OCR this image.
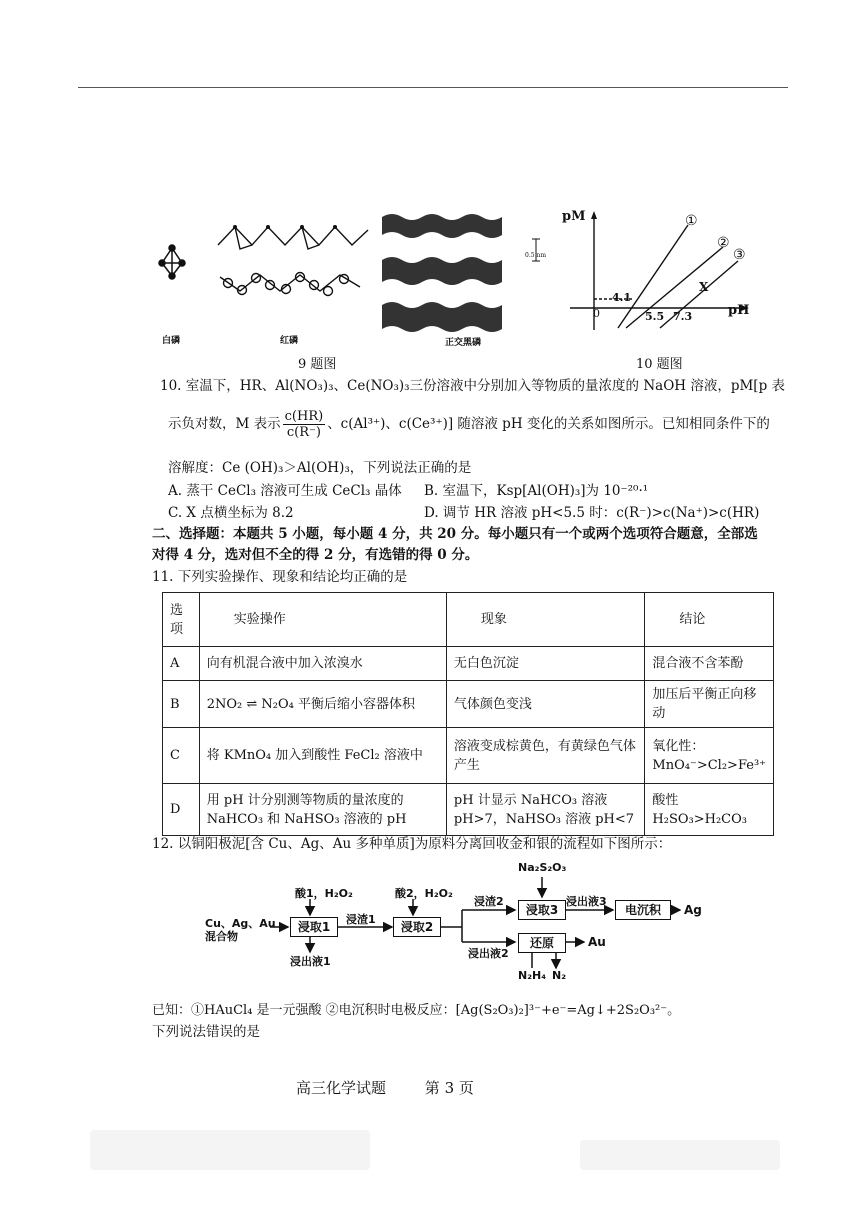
0.5 nm
白磷	红磷	正交黑磷
9 题图
pM
pH
0
4.1
5.5 7.3
X
①
②
③
10 题图
10. 室温下，HR、Al(NO₃)₃、Ce(NO₃)₃三份溶液中分别加入等物质的量浓度的 NaOH 溶液，pM[p 表
示负对数，M 表示 $\frac{c(HR)}{c(R^-)}$ 、c(Al³⁺)、c(Ce³⁺)] 随溶液 pH 变化的关系如图所示。已知相同条件下的
溶解度：Ce (OH)₃＞Al(OH)₃，下列说法正确的是
A. 蒸干 CeCl₃ 溶液可生成 CeCl₃ 晶体 B. 室温下，Ksp[Al(OH)₃]为 10⁻²⁰·¹
C. X 点横坐标为 8.2	D. 调节 HR 溶液 pH<5.5 时：c(R⁻)>c(Na⁺)>c(HR)
二、选择题：本题共 5 小题，每小题 4 分，共 20 分。每小题只有一个或两个选项符合题意，全部选
对得 4 分，选对但不全的得 2 分，有选错的得 0 分。
11. 下列实验操作、现象和结论均正确的是
选项	实验操作	现象	结论
A	向有机混合液中加入浓溴水	无白色沉淀	混合液不含苯酚
B	2NO₂ ⇌ N₂O₄ 平衡后缩小容器体积	气体颜色变浅	加压后平衡正向移动
C	将 KMnO₄ 加入到酸性 FeCl₂ 溶液中	溶液变成棕黄色，有黄绿色气体产生	氧化性：MnO₄⁻>Cl₂>Fe³⁺
D	用 pH 计分别测等物质的量浓度的 NaHCO₃ 和 NaHSO₃ 溶液的 pH	pH 计显示 NaHCO₃ 溶液 pH>7，NaHSO₃ 溶液 pH<7	酸性 H₂SO₃>H₂CO₃
12. 以铜阳极泥[含 Cu、Ag、Au 多种单质]为原料分离回收金和银的流程如下图所示：
Cu、Ag、Au
混合物
酸1，H₂O₂	酸2，H₂O₂
浸取1	浸取2
浸取3	电沉积
还原
浸渣1
浸渣2
浸出液1
浸出液2
浸出液3
Na₂S₂O₃
N₂H₄ N₂
Ag
Au
已知：①HAuCl₄ 是一元强酸 ②电沉积时电极反应：[Ag(S₂O₃)₂]³⁻+e⁻=Ag↓+2S₂O₃²⁻。
下列说法错误的是
高三化学试题	第 3 页
